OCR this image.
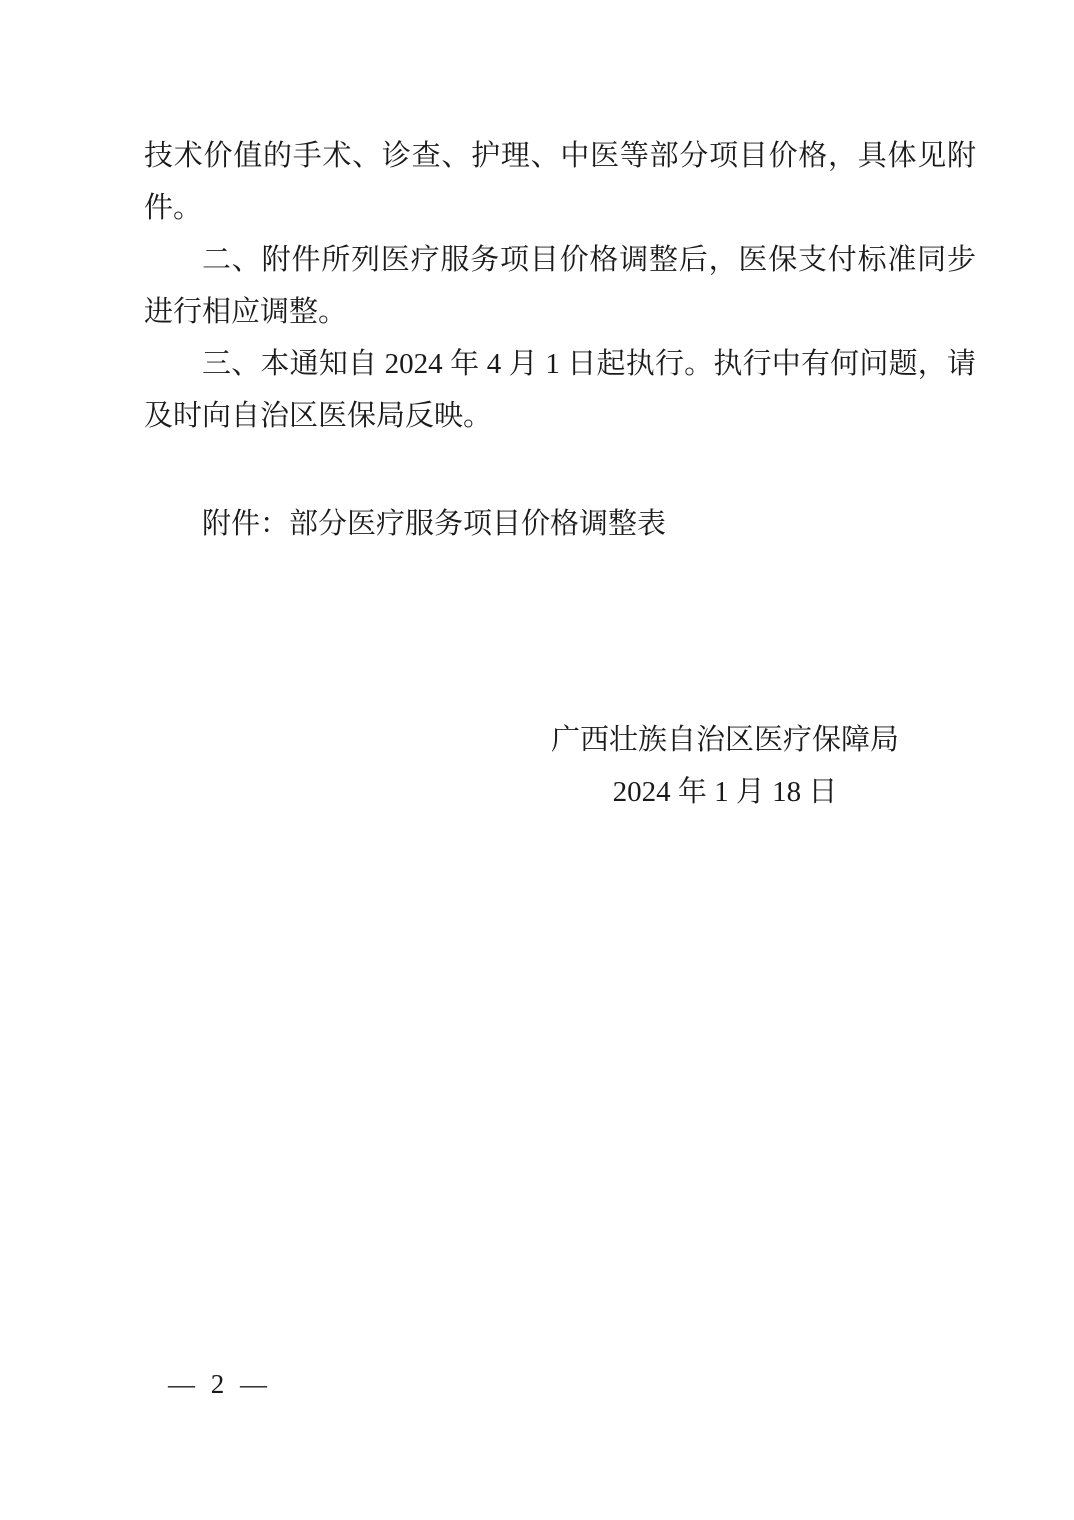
技术价值的手术、诊查、护理、中医等部分项目价格，具体见附件。

二、附件所列医疗服务项目价格调整后，医保支付标准同步进行相应调整。

三、本通知自 2024 年 4 月 1 日起执行。执行中有何问题，请及时向自治区医保局反映。

附件：部分医疗服务项目价格调整表

广西壮族自治区医疗保障局
2024 年 1 月 18 日
— 2 —
